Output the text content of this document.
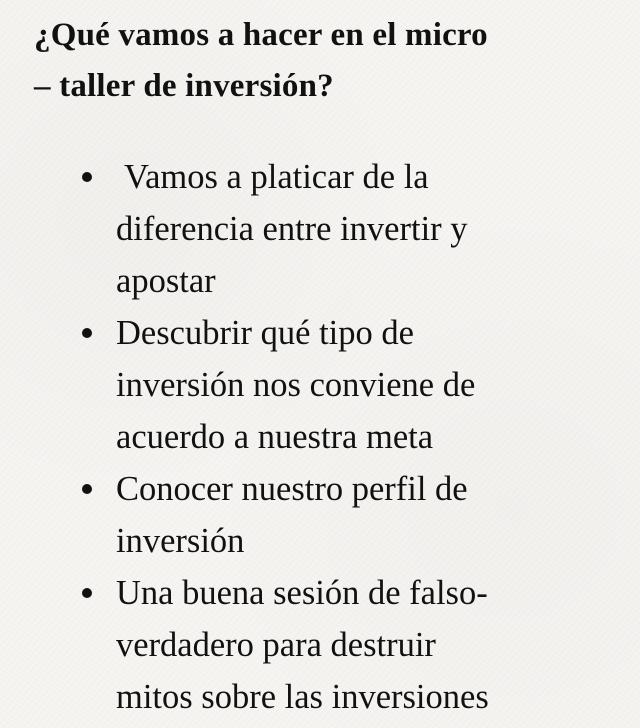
¿Qué vamos a hacer en el micro
– taller de inversión?
Vamos a platicar de la
diferencia entre invertir y
apostar
Descubrir qué tipo de
inversión nos conviene de
acuerdo a nuestra meta
Conocer nuestro perfil de
inversión
Una buena sesión de falso-
verdadero para destruir
mitos sobre las inversiones
